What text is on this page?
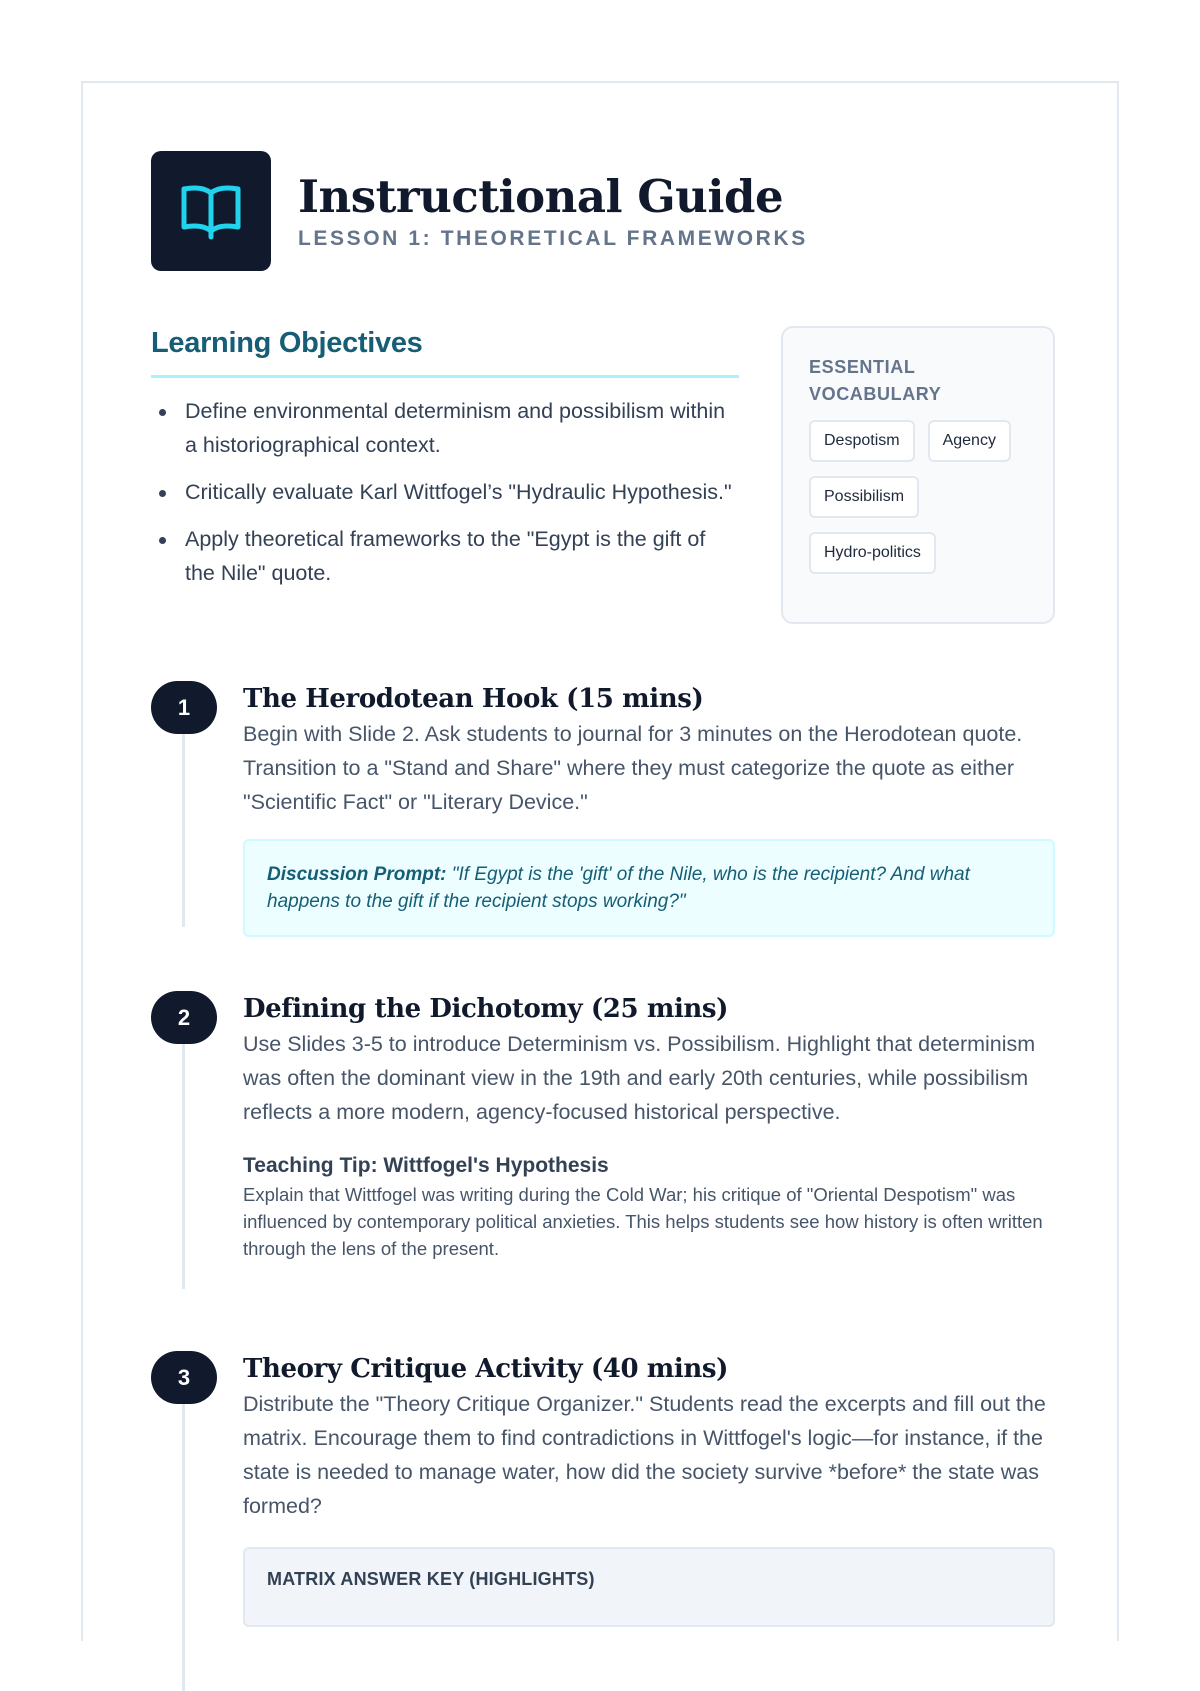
Instructional Guide
LESSON 1: THEORETICAL FRAMEWORKS
Learning Objectives
Define environmental determinism and possibilism within a historiographical context.
Critically evaluate Karl Wittfogel’s "Hydraulic Hypothesis."
Apply theoretical frameworks to the "Egypt is the gift of the Nile" quote.
ESSENTIAL VOCABULARY
Despotism	Agency
Possibilism
Hydro-politics
1	The Herodotean Hook (15 mins)

Begin with Slide 2. Ask students to journal for 3 minutes on the Herodotean quote. Transition to a "Stand and Share" where they must categorize the quote as either "Scientific Fact" or "Literary Device."

Discussion Prompt: "If Egypt is the 'gift' of the Nile, who is the recipient? And what happens to the gift if the recipient stops working?"
2	Defining the Dichotomy (25 mins)

Use Slides 3-5 to introduce Determinism vs. Possibilism. Highlight that determinism was often the dominant view in the 19th and early 20th centuries, while possibilism reflects a more modern, agency-focused historical perspective.

Teaching Tip: Wittfogel's Hypothesis

Explain that Wittfogel was writing during the Cold War; his critique of "Oriental Despotism" was influenced by contemporary political anxieties. This helps students see how history is often written through the lens of the present.

3	Theory Critique Activity (40 mins)

Distribute the "Theory Critique Organizer." Students read the excerpts and fill out the matrix. Encourage them to find contradictions in Wittfogel's logic—for instance, if the state is needed to manage water, how did the society survive *before* the state was formed?

MATRIX ANSWER KEY (HIGHLIGHTS)
